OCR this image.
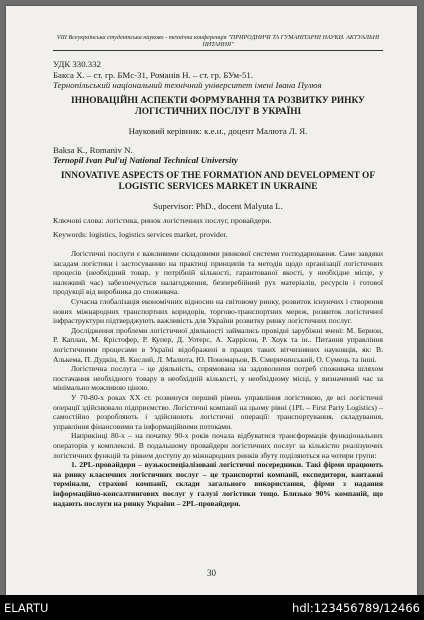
VIII Всеукраїнська студентська науково - технічна конференція "ПРИРОДНИЧІ ТА ГУМАНІТАРНІ НАУКИ. АКТУАЛЬНІ ПИТАННЯ"
УДК 330.332
Бакса Х. – ст. гр. БМс-31, Романів Н. – ст. гр. БУм-51.
Тернопільський національний технічний університет імені Івана Пулюя
ІННОВАЦІЙНІ АСПЕКТИ ФОРМУВАННЯ ТА РОЗВИТКУ РИНКУ ЛОГІСТИЧНИХ ПОСЛУГ В УКРАЇНІ
Науковий керівник: к.е.н., доцент Малюта Л. Я.
Baksa K., Romaniv N.
Ternopil Ivan Pul'uj National Technical University
INNOVATIVE ASPECTS OF THE FORMATION AND DEVELOPMENT OF LOGISTIC SERVICES MARKET IN UKRAINE
Supervisor: PhD., docent Malyuta L.
Ключові слова: логістика, ринок логістичних послуг, провайдери.
Keywords: logistics, logistics services market, provider.

Логістичні послуги є важливими складовими ринкової системи господарювання. Саме завдяки засадам логістики і застосуванню на практиці принципів та методів щодо організації логістичних процесів (необхідний товар, у потрібній кількості, гарантованої якості, у необхідне місце, у належний час) забезпечується налагодження, безперебійний рух матеріалів, ресурсів і готової продукції від виробника до споживача.

Сучасна глобалізація економічних відносин на світовому ринку, розвиток існуючих і створення нових міжнародних транспортних коридорів, торгово-транспортних мереж, розвиток логістичної інфраструктури підтверджують важливість для України розвитку ринку логістичних послуг.

Дослідження проблеми логістичної діяльності займались провідні зарубіжні вчені: М. Бернон, Р. Каплан, М. Крістофер, Р. Купер, Д. Уотерс, А. Харрісон, Р. Хоук та ін.. Питання управління логістичними процесами в Україні відображені в працях таких вітчизняних науковців, як: В. Алькема, П. Дудкін, В. Кислий, Л. Малюта, Ю. Пономарьов, В. Смиричинський, О. Сумець та інші.

Логістична послуга – це діяльність, спрямована на задоволення потреб споживача шляхом постачання необхідного товару в необхідній кількості, у необхідному місці, у визначений час за мінімально можливою ціною.

У 70-80-х роках ХХ ст. розвинуся перший рівень управління логістикою, де всі логістичні операції здійснювало підприємство. Логістичні компанії на цьому рівні (1PL – First Party Logistics) – самостійно розробляють і здійснюють логістичні операції: транспортування, складування, управління фінансовими та інформаційними потоками.

Наприкінці 80-х – на початку 90-х років почала відбуватися трансформація функціональних операторів у комплексні. В подальшому провайдери логістичних послуг за кількістю реалізуючих логістичних функцій та рівнем доступу до міжнародних ринків збуту поділяються на чотири групи:

1. 2PL-провайдери – вузькоспеціалізовані логістичні посередники. Такі фірми працюють на ринку класичних логістичних послуг – це транспортні компанії, експедитори, вантажні термінали, страхові компанії, склади загального використання, фірми з надання інформаційно-консалтингових послуг у галузі логістики тощо. Близько 90% компаній, що надають послуги на ринку України – 2PL-провайдери.

30
ELARTU	hdl:123456789/12466
